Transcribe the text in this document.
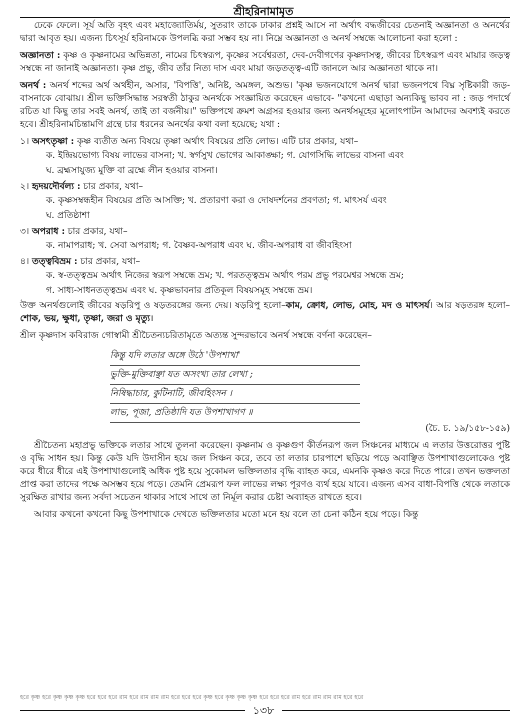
শ্রীহরিনামামৃত

ঢেকে ফেলে। সূর্য অতি বৃহৎ এবং মহাজ্যোতির্ময়, সুতরাং তাকে ঢাকার প্রশ্নই আসে না অর্থাৎ বদ্ধজীবের চেতনাই অজ্ঞানতা ও অনর্থের দ্বারা আবৃত হয়। এজন্য চিৎসূর্য হরিনামকে উপলব্ধি করা সম্ভব হয় না। নিম্নে অজ্ঞানতা ও অনর্থ সম্বন্ধে আলোচনা করা হলো :

অজ্ঞানতা : কৃষ্ণ ও কৃষ্ণনামের অভিন্নতা, নামের চিৎস্বরূপ, কৃষ্ণের সর্বেশ্বরতা, দেব-দেবীগণের কৃষ্ণদাসত্ব, জীবের চিৎস্বরূপ এবং মায়ার জড়ত্ব সম্বন্ধে না জানাই অজ্ঞানতা। কৃষ্ণ প্রভু, জীব তাঁর নিত্য দাস এবং মায়া জড়তত্ত্ব-এটি জানলে আর অজ্ঞানতা থাকে না।

অনর্থ : অনর্থ শব্দের অর্থ অর্থহীন, অসার, 'বিপত্তি', অনিষ্ট, অমঙ্গল, অশুভ। 'কৃষ্ণ ভজনযোগে অনর্থ দ্বারা ভজনপথে বিঘ্ন সৃষ্টিকারী জড়-বাসনাকে বোঝায়। শ্রীল ভক্তিসিদ্ধান্ত সরস্বতী ঠাকুর অনর্থকে সংজ্ঞায়িত করেছেন এভাবে- "কখনো এছাড়া অন্যকিছু ভাবব না : জড় পদার্থে রচিত যা কিছু তার সবই অনর্থ, তাই তা বর্জনীয়।" ভক্তিপথে ক্রমশ অগ্রসর হওয়ার জন্য অনর্থসমূহের মূলোৎপাটন আমাদের অবশ্যই করতে হবে। শ্রীহরিনামচিন্তামণি গ্রন্থে চার ধরনের অনর্থের কথা বলা হয়েছে; যথা :

১। অসৎতৃষ্ণা : কৃষ্ণ ব্যতীত অন্য বিষয়ে তৃষ্ণা অর্থাৎ বিষয়ের প্রতি লোভ। এটি চার প্রকার, যথা–
ক. ইন্দ্রিয়ভোগ্য বিষয় লাভের বাসনা; খ. স্বর্গসুখ ভোগের আকাঙ্ক্ষা; গ. যোগসিদ্ধি লাভের বাসনা এবং
ঘ. ব্রহ্মসাযুজ্য মুক্তি বা ব্রহ্মে লীন হওয়ার বাসনা।
২। হৃদয়দৌর্বল্য : চার প্রকার, যথা–
ক. কৃষ্ণসম্বন্ধহীন বিষয়ের প্রতি আসক্তি; খ. প্রতারণা করা ও দোষদর্শনের প্রবণতা; গ. মাৎসর্য এবং
ঘ. প্রতিষ্ঠাশা
৩। অপরাধ : চার প্রকার, যথা–
ক. নামাপরাধ; খ. সেবা অপরাধ; গ. বৈষ্ণব-অপরাধ এবং ঘ. জীব-অপরাধ বা জীবহিংসা
৪। তত্ত্ববিভ্রম : চার প্রকার, যথা–
ক. স্ব-তত্ত্বভ্রম অর্থাৎ নিজের স্বরূপ সম্বন্ধে ভ্রম; খ. পরতত্ত্বভ্রম অর্থাৎ পরম প্রভু পরমেশ্বর সম্বন্ধে ভ্রম;
গ. সাধ্য-সাধনতত্ত্বভ্রম এবং ঘ. কৃষ্ণভাবনার প্রতিকূল বিষয়সমূহ সম্বন্ধে ভ্রম।

উক্ত অনর্থগুলোই জীবের ষড়রিপু ও ষড়তরঙ্গের জন্য দেয়। ষড়রিপু হলো–কাম, ক্রোধ, লোভ, মোহ, মদ ও মাৎসর্য। আর ষড়তরঙ্গ হলো–শোক, ভয়, ক্ষুধা, তৃষ্ণা, জরা ও মৃত্যু।

শ্রীল কৃষ্ণদাস কবিরাজ গোস্বামী শ্রীচৈতন্যচরিতামৃতে অত্যন্ত সুন্দরভাবে অনর্থ সম্বন্ধে বর্ণনা করেছেন–

কিন্তু যদি লতার অঙ্গে উঠে 'উপশাখা'
ভুক্তি-মুক্তিবাঞ্ছা যত অসংখ্য তার লেখা ;
নিষিদ্ধাচার, কুটিনাটি, জীবহিংসন ।
লাভ, পূজা, প্রতিষ্ঠাদি যত উপশাখাগণ ॥
(চৈ. চ. ১৯/১৫৮-১৫৯)

শ্রীচৈতন্য মহাপ্রভু ভক্তিকে লতার সাথে তুলনা করেছেন। কৃষ্ণনাম ও কৃষ্ণগুণ কীর্তনরূপ জল সিঞ্চনের মাধ্যমে এ লতার উত্তরোত্তর পুষ্টি ও বৃদ্ধি সাধন হয়। কিন্তু কেউ যদি উদাসীন হয়ে জল সিঞ্চন করে, তবে তা লতার চারপাশে ছড়িয়ে পড়ে অবাঞ্ছিত উপশাখাগুলোকেও পুষ্ট করে ধীরে ধীরে এই উপশাখাগুলোই অধিক পুষ্ট হয়ে সুকোমল ভক্তিলতার বৃদ্ধি ব্যাহত করে, এমনকি কৃষ্ণও করে দিতে পারে। তখন ভক্তলতা প্রাপ্ত করা তাদের পক্ষে অসম্ভব হয়ে পড়ে। তেমনি প্রেমরূপ ফল লাভের লক্ষ্য পূরণও ব্যর্থ হয়ে যাবে। এজন্য এসব বাধা-বিপত্তি থেকে লতাকে সুরক্ষিত রাখার জন্য সর্বদা সচেতন থাকার সাথে সাথে তা নির্মূল করার চেষ্টা অব্যাহত রাখতে হবে।

আবার কখনো কখনো কিছু উপশাখাকে দেখতে ভক্তিলতার মতো মনে হয় বলে তা চেনা কঠিন হয়ে পড়ে। কিন্তু

হরে কৃষ্ণ হরে কৃষ্ণ কৃষ্ণ কৃষ্ণ হরে হরে হরে রাম হরে রাম রাম রাম হরে হরে হরে কৃষ্ণ হরে কৃষ্ণ কৃষ্ণ কৃষ্ণ হরে হরে হরে রাম হরে রাম রাম রাম হরে হরে
১৩৮
